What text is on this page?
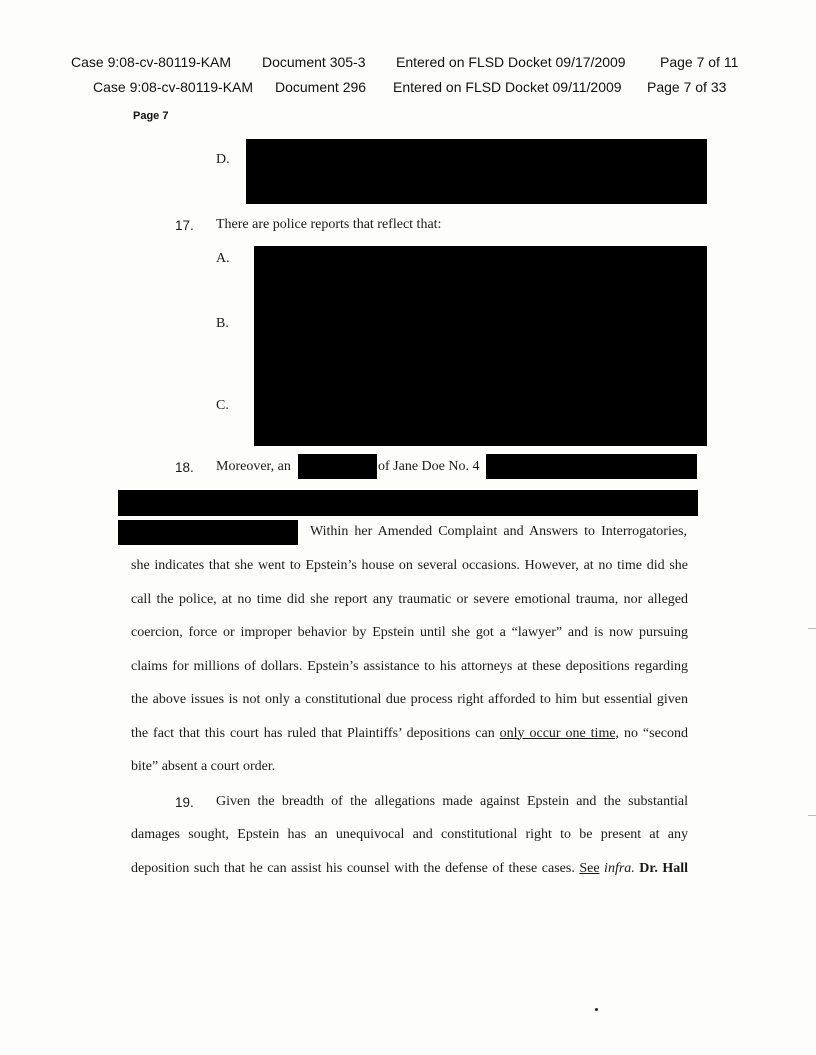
Case 9:08-cv-80119-KAM Document 305-3 Entered on FLSD Docket 09/17/2009 Page 7 of 11
Case 9:08-cv-80119-KAM Document 296 Entered on FLSD Docket 09/11/2009 Page 7 of 33
Page 7
D.
17. There are police reports that reflect that:
A.
B.
C.
18. Moreover, an	of Jane Doe No. 4
Within her Amended Complaint and Answers to Interrogatories,
she indicates that she went to Epstein’s house on several occasions. However, at no time did she
call the police, at no time did she report any traumatic or severe emotional trauma, nor alleged
coercion, force or improper behavior by Epstein until she got a “lawyer” and is now pursuing
claims for millions of dollars. Epstein’s assistance to his attorneys at these depositions regarding
the above issues is not only a constitutional due process right afforded to him but essential given
the fact that this court has ruled that Plaintiffs’ depositions can only occur one time, no “second
bite” absent a court order.
19. Given the breadth of the allegations made against Epstein and the substantial
damages sought, Epstein has an unequivocal and constitutional right to be present at any
deposition such that he can assist his counsel with the defense of these cases. See infra. Dr. Hall
